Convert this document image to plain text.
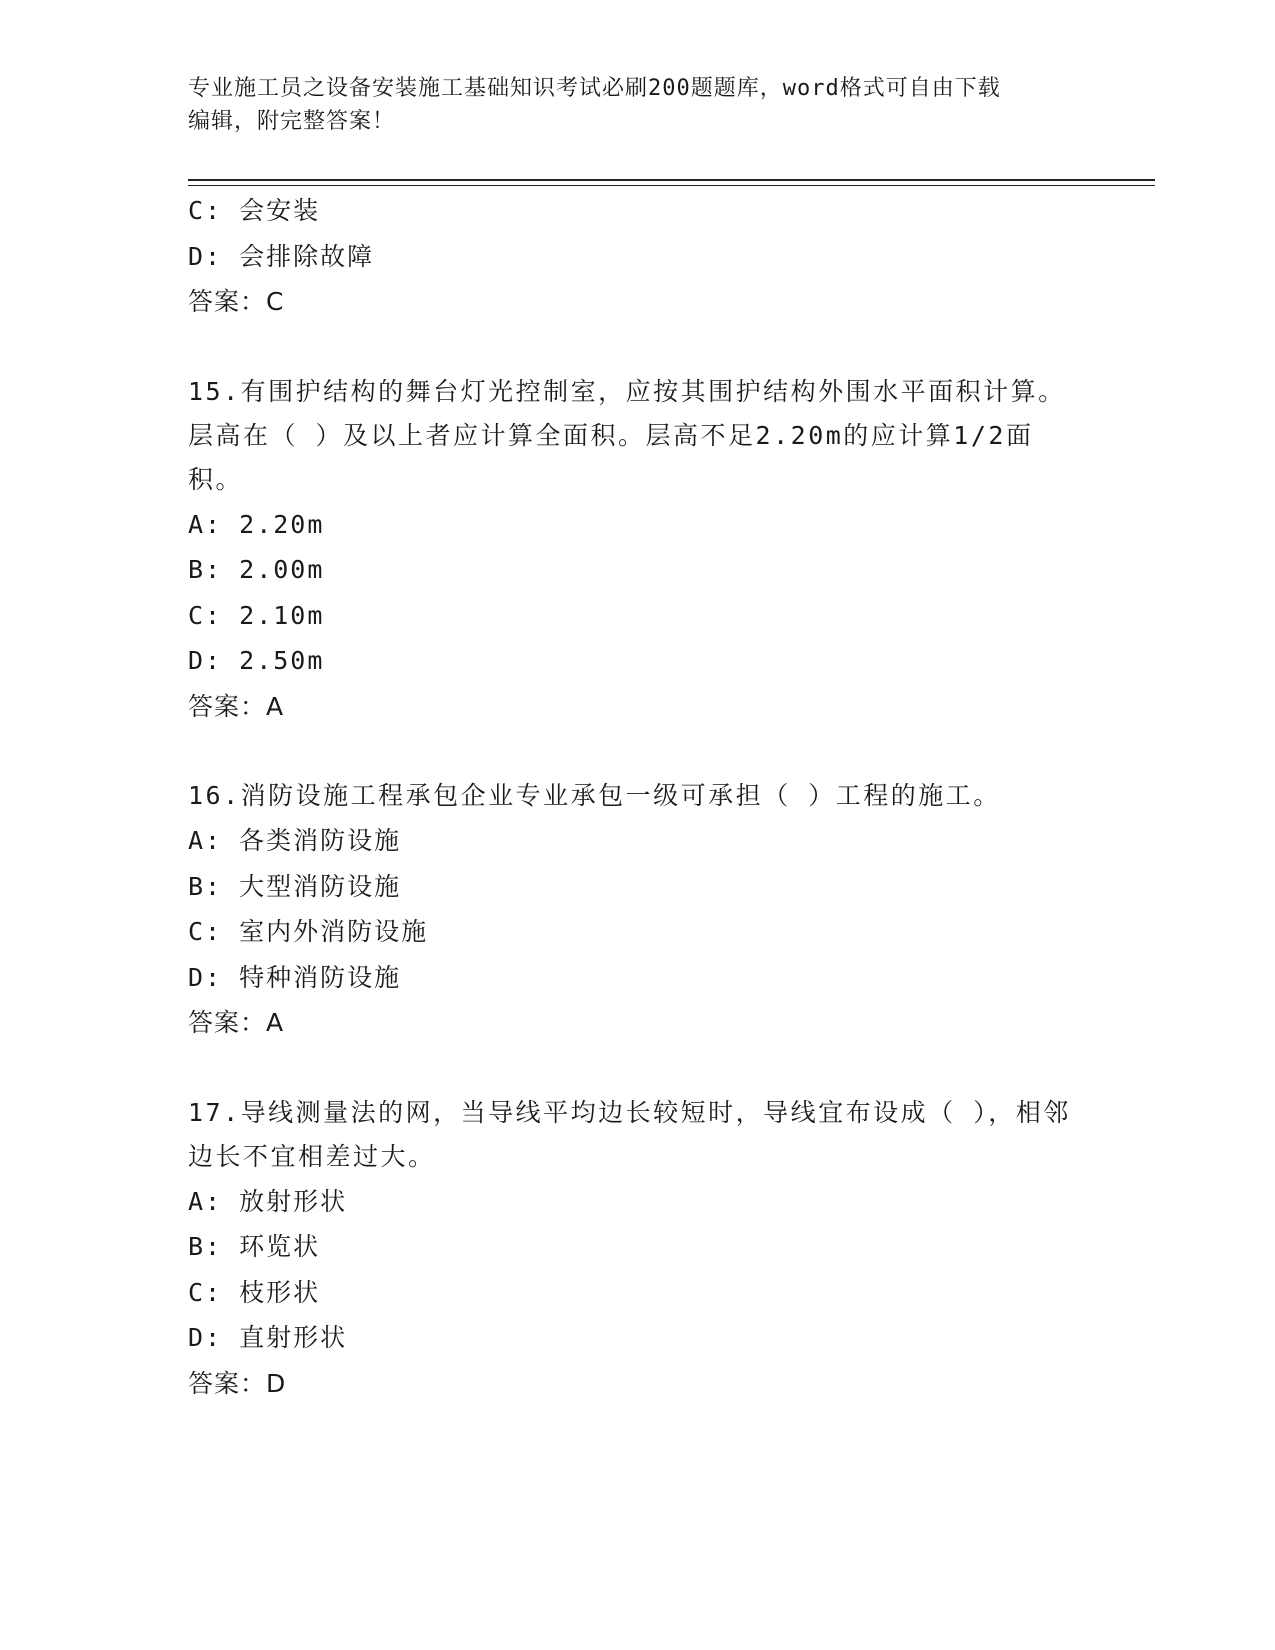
专业施工员之设备安装施工基础知识考试必刷200题题库，word格式可自由下载
编辑，附完整答案！
C: 会安装
D: 会排除故障
答案：C
15.有围护结构的舞台灯光控制室，应按其围护结构外围水平面积计算。层高在（ ）及以上者应计算全面积。层高不足2.20m的应计算1/2面积。
A: 2.20m
B: 2.00m
C: 2.10m
D: 2.50m
答案：A
16.消防设施工程承包企业专业承包一级可承担（ ）工程的施工。
A: 各类消防设施
B: 大型消防设施
C: 室内外消防设施
D: 特种消防设施
答案：A
17.导线测量法的网，当导线平均边长较短时，导线宜布设成（ ），相邻边长不宜相差过大。
A: 放射形状
B: 环览状
C: 枝形状
D: 直射形状
答案：D
